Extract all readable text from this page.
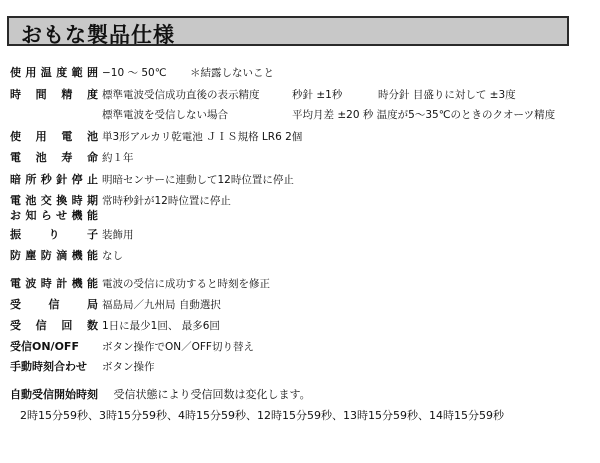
おもな製品仕様
使用温度範囲 −10 ～ 50℃ ＊結露しないこと
時間精度 標準電波受信成功直後の表示精度	秒針 ±1秒	時分針 目盛りに対して ±3度
標準電波を受信しない場合	平均月差 ±20 秒 温度が5～35℃のときのクオーツ精度
使用電池 単3形アルカリ乾電池 ＪＩＳ規格 LR6 2個
電池寿命 約１年
暗所秒針停止 明暗センサーに連動して12時位置に停止
電池交換時期 常時秒針が12時位置に停止
お知らせ機能
振り子 装飾用
防塵防滴機能 なし
電波時計機能 電波の受信に成功すると時刻を修正
受信局 福島局／九州局 自動選択
受信回数 1日に最少1回、 最多6回
受信ON/OFF	ボタン操作でON／OFF切り替え
手動時刻合わせ	ボタン操作
自動受信開始時刻 受信状態により受信回数は変化します。
2時15分59秒、3時15分59秒、4時15分59秒、12時15分59秒、13時15分59秒、14時15分59秒
